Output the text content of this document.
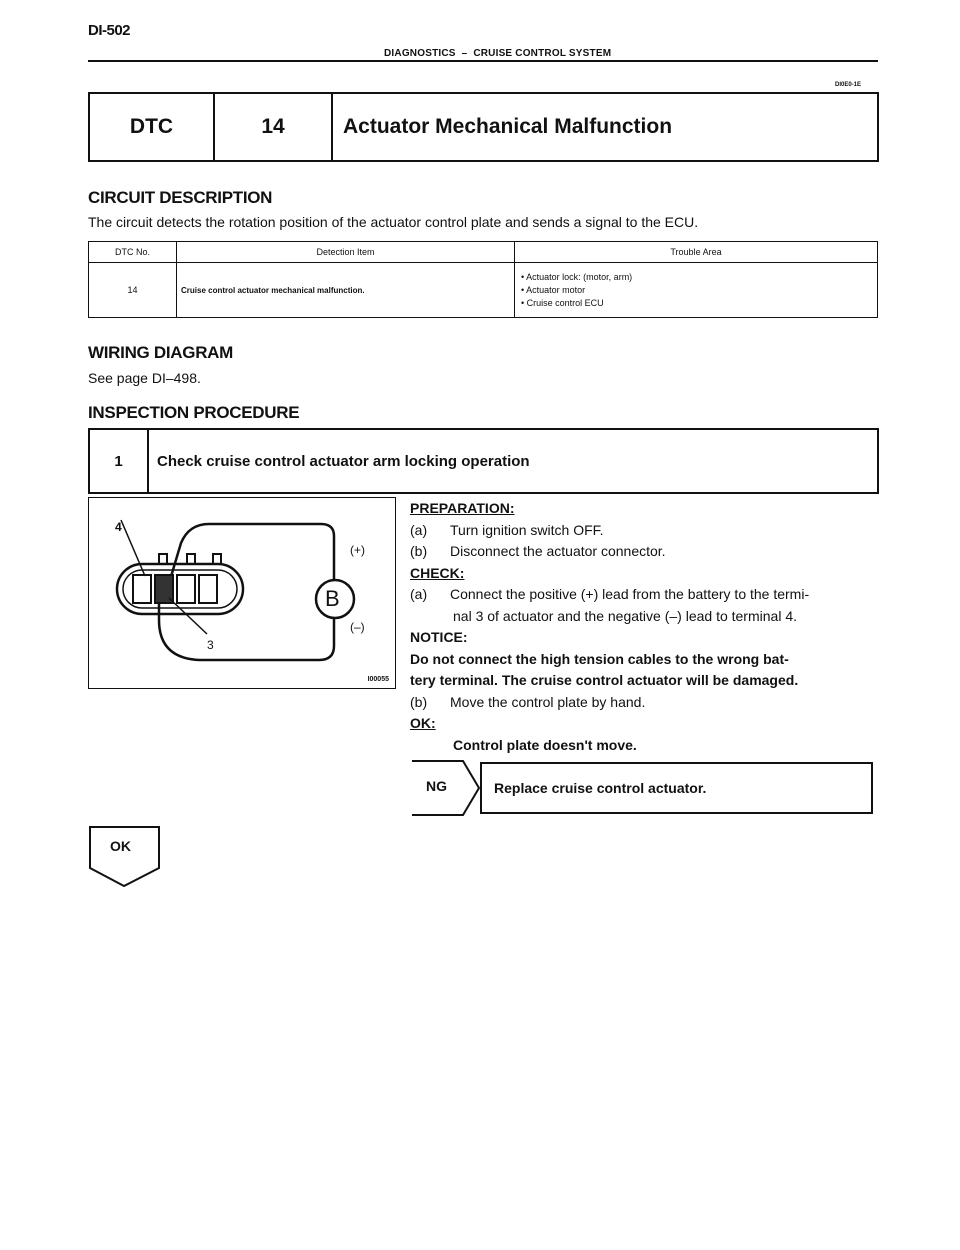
DI-502
DIAGNOSTICS  –  CRUISE CONTROL SYSTEM
DI0E0-1E
DTC	14	Actuator Mechanical Malfunction
CIRCUIT DESCRIPTION
The circuit detects the rotation position of the actuator control plate and sends a signal to the ECU.
DTC No.	Detection Item	Trouble Area
14	Cruise control actuator mechanical malfunction.	• Actuator lock: (motor, arm)
• Actuator motor
• Cruise control ECU
WIRING DIAGRAM
See page DI–498.
INSPECTION PROCEDURE
1	Check cruise control actuator arm locking operation
4
3
(+)
(–)
B
I00055
PREPARATION:
(a)	Turn ignition switch OFF.
(b)	Disconnect the actuator connector.
CHECK:
(a)	Connect the positive (+) lead from the battery to the termi-
nal 3 of actuator and the negative (–) lead to terminal 4.
NOTICE:
Do not connect the high tension cables to the wrong bat-
tery terminal. The cruise control actuator will be damaged.
(b)	Move the control plate by hand.
OK:
Control plate doesn't move.
NG	Replace cruise control actuator.
OK
